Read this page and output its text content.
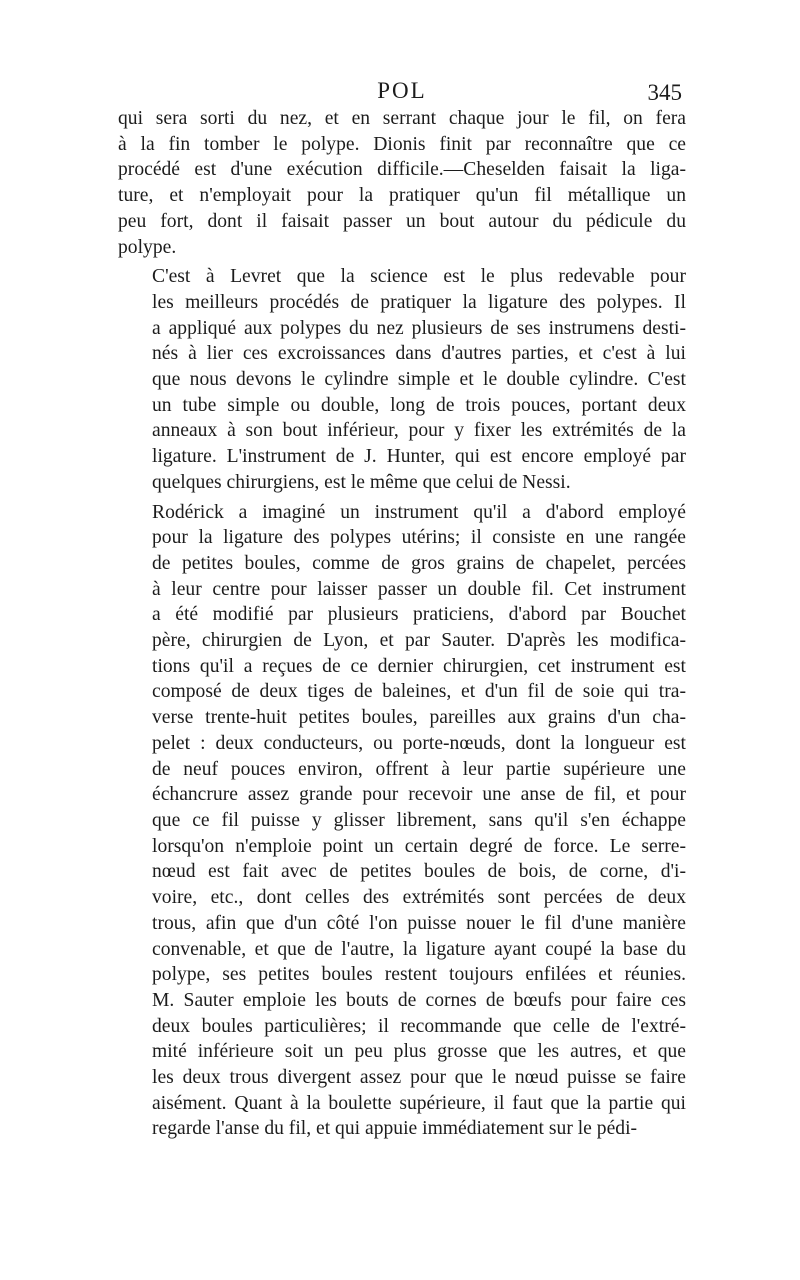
POL	345

qui sera sorti du nez, et en serrant chaque jour le fil, on fera
à la fin tomber le polype. Dionis finit par reconnaître que ce
procédé est d'une exécution difficile.—Cheselden faisait la liga-
ture, et n'employait pour la pratiquer qu'un fil métallique un
peu fort, dont il faisait passer un bout autour du pédicule du
polype.

C'est à Levret que la science est le plus redevable pour
les meilleurs procédés de pratiquer la ligature des polypes. Il
a appliqué aux polypes du nez plusieurs de ses instrumens desti-
nés à lier ces excroissances dans d'autres parties, et c'est à lui
que nous devons le cylindre simple et le double cylindre. C'est
un tube simple ou double, long de trois pouces, portant deux
anneaux à son bout inférieur, pour y fixer les extrémités de la
ligature. L'instrument de J. Hunter, qui est encore employé par
quelques chirurgiens, est le même que celui de Nessi.

Rodérick a imaginé un instrument qu'il a d'abord employé
pour la ligature des polypes utérins; il consiste en une rangée
de petites boules, comme de gros grains de chapelet, percées
à leur centre pour laisser passer un double fil. Cet instrument
a été modifié par plusieurs praticiens, d'abord par Bouchet
père, chirurgien de Lyon, et par Sauter. D'après les modifica-
tions qu'il a reçues de ce dernier chirurgien, cet instrument est
composé de deux tiges de baleines, et d'un fil de soie qui tra-
verse trente-huit petites boules, pareilles aux grains d'un cha-
pelet : deux conducteurs, ou porte-nœuds, dont la longueur est
de neuf pouces environ, offrent à leur partie supérieure une
échancrure assez grande pour recevoir une anse de fil, et pour
que ce fil puisse y glisser librement, sans qu'il s'en échappe
lorsqu'on n'emploie point un certain degré de force. Le serre-
nœud est fait avec de petites boules de bois, de corne, d'i-
voire, etc., dont celles des extrémités sont percées de deux
trous, afin que d'un côté l'on puisse nouer le fil d'une manière
convenable, et que de l'autre, la ligature ayant coupé la base du
polype, ses petites boules restent toujours enfilées et réunies.
M. Sauter emploie les bouts de cornes de bœufs pour faire ces
deux boules particulières; il recommande que celle de l'extré-
mité inférieure soit un peu plus grosse que les autres, et que
les deux trous divergent assez pour que le nœud puisse se faire
aisément. Quant à la boulette supérieure, il faut que la partie qui
regarde l'anse du fil, et qui appuie immédiatement sur le pédi-
